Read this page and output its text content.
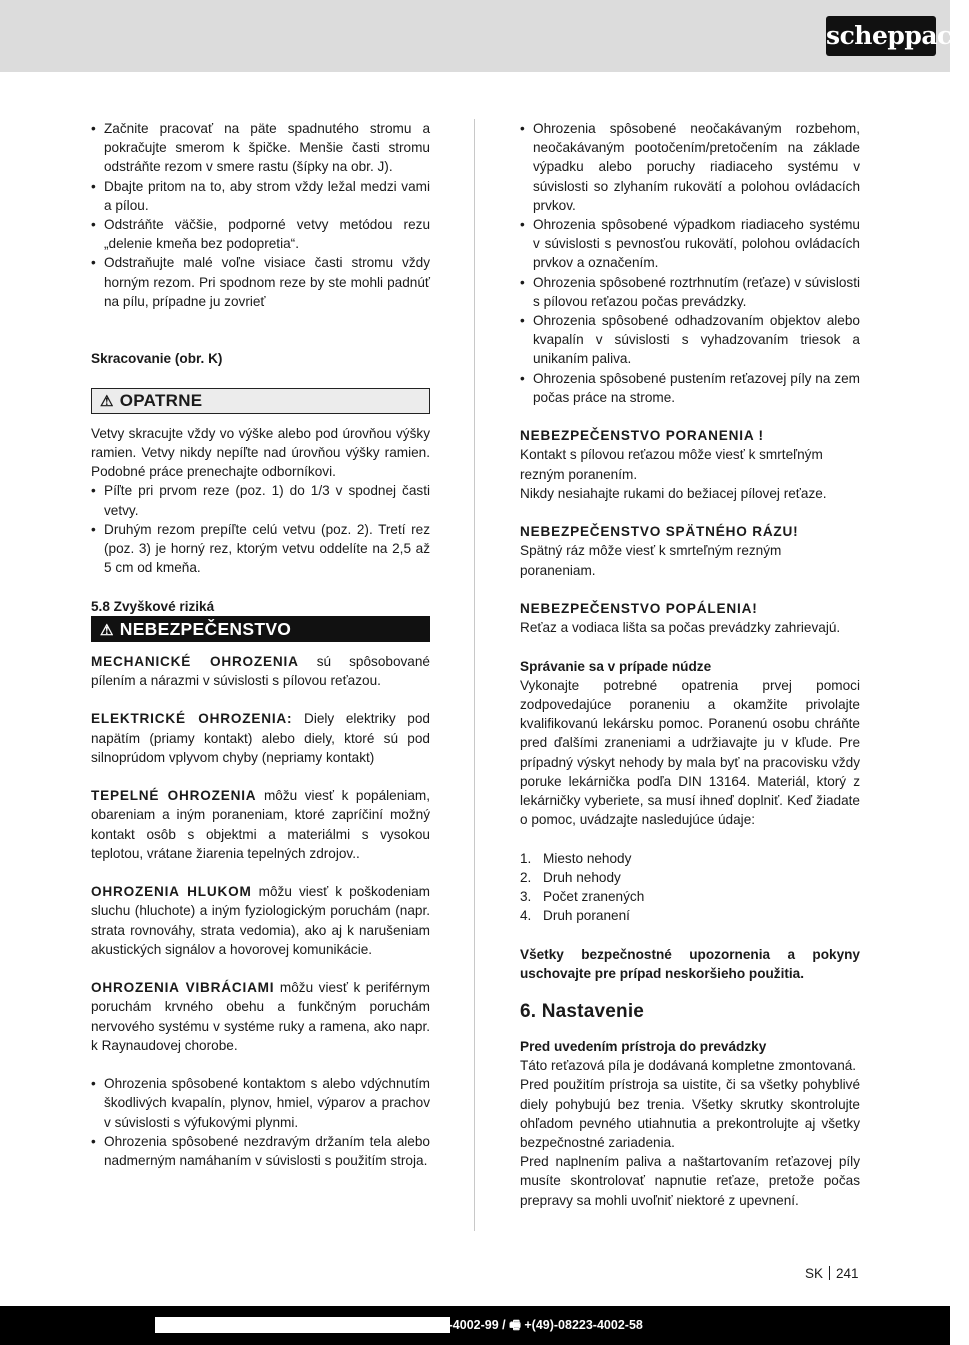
scheppach
• Začnite pracovať na päte spadnutého stromu a pokračujte smerom k špičke. Menšie časti stromu odstráňte rezom v smere rastu (šípky na obr. J).
• Dbajte pritom na to, aby strom vždy ležal medzi vami a pílou.
• Odstráňte väčšie, podporné vetvy metódou rezu „delenie kmeňa bez podopretia“.
• Odstraňujte malé voľne visiace časti stromu vždy horným rezom. Pri spodnom reze by ste mohli padnúť na pílu, prípadne ju zovrieť
Skracovanie (obr. K)
⚠ OPATRNE
Vetvy skracujte vždy vo výške alebo pod úrovňou výšky ramien. Vetvy nikdy nepíľte nad úrovňou výšky ramien. Podobné práce prenechajte odborníkovi.
• Píľte pri prvom reze (poz. 1) do 1/3 v spodnej časti vetvy.
• Druhým rezom prepíľte celú vetvu (poz. 2). Tretí rez (poz. 3) je horný rez, ktorým vetvu oddelíte na 2,5 až 5 cm od kmeňa.
5.8 Zvyškové riziká
⚠ NEBEZPEČENSTVO
MECHANICKÉ OHROZENIA sú spôsobované pílením a nárazmi v súvislosti s pílovou reťazou.
ELEKTRICKÉ OHROZENIA: Diely elektriky pod napätím (priamy kontakt) alebo diely, ktoré sú pod silnoprúdom vplyvom chyby (nepriamy kontakt)
TEPELNÉ OHROZENIA môžu viesť k popáleniam, obareniam a iným poraneniam, ktoré zapríčiní možný kontakt osôb s objektmi a materiálmi s vysokou teplotou, vrátane žiarenia tepelných zdrojov..
OHROZENIA HLUKOM môžu viesť k poškodeniam sluchu (hluchote) a iným fyziologickým poruchám (napr. strata rovnováhy, strata vedomia), ako aj k narušeniam akustických signálov a hovorovej komunikácie.
OHROZENIA VIBRÁCIAMI môžu viesť k periférnym poruchám krvného obehu a funkčným poruchám nervového systému v systéme ruky a ramena, ako napr. k Raynaudovej chorobe.
• Ohrozenia spôsobené kontaktom s alebo vdýchnutím škodlivých kvapalín, plynov, hmiel, výparov a prachov v súvislosti s výfukovými plynmi.
• Ohrozenia spôsobené nezdravým držaním tela alebo nadmerným namáhaním v súvislosti s použitím stroja.
• Ohrozenia spôsobené neočakávaným rozbehom, neočakávaným pootočením/pretočením na základe výpadku alebo poruchy riadiaceho systému v súvislosti so zlyhaním rukovätí a polohou ovládacích prvkov.
• Ohrozenia spôsobené výpadkom riadiaceho systému v súvislosti s pevnosťou rukovätí, polohou ovládacích prvkov a označením.
• Ohrozenia spôsobené roztrhnutím (reťaze) v súvislosti s pílovou reťazou počas prevádzky.
• Ohrozenia spôsobené odhadzovaním objektov alebo kvapalín v súvislosti s vyhadzovaním triesok a unikaním paliva.
• Ohrozenia spôsobené pustením reťazovej píly na zem počas práce na strome.
NEBEZPEČENSTVO PORANENIA !
Kontakt s pílovou reťazou môže viesť k smrteľným rezným poranením.
Nikdy nesiahajte rukami do bežiacej pílovej reťaze.
NEBEZPEČENSTVO SPÄTNÉHO RÁZU!
Spätný ráz môže viesť k smrteľným rezným poraneniam.
NEBEZPEČENSTVO POPÁLENIA!
Reťaz a vodiaca lišta sa počas prevádzky zahrievajú.
Správanie sa v prípade núdze
Vykonajte potrebné opatrenia prvej pomoci zodpovedajúce poraneniu a okamžite privolajte kvalifikovanú lekársku pomoc. Poranenú osobu chráňte pred ďalšími zraneniami a udržiavajte ju v kľude. Pre prípadný výskyt nehody by mala byť na pracovisku vždy poruke lekárnička podľa DIN 13164. Materiál, ktorý z lekárničky vyberiete, sa musí ihneď doplniť. Keď žiadate o pomoc, uvádzajte nasledujúce údaje:
1. Miesto nehody
2. Druh nehody
3. Počet zranených
4. Druh poranení
Všetky bezpečnostné upozornenia a pokyny uschovajte pre prípad neskoršieho použitia.
6. Nastavenie
Pred uvedením prístroja do prevádzky
Táto reťazová píla je dodávaná kompletne zmontovaná.
Pred použitím prístroja sa uistite, či sa všetky pohyblivé diely pohybujú bez trenia. Všetky skrutky skontrolujte ohľadom pevného utiahnutia a prekontrolujte aj všetky bezpečnostné zariadenia.
Pred naplnením paliva a naštartovaním reťazovej píly musíte skontrolovať napnutie reťaze, pretože počas prepravy sa mohli uvoľniť niektoré z upevnení.
SK 241
ach.com / ☎ +(49)-08223-4002-99 / 🖷 +(49)-08223-4002-58
